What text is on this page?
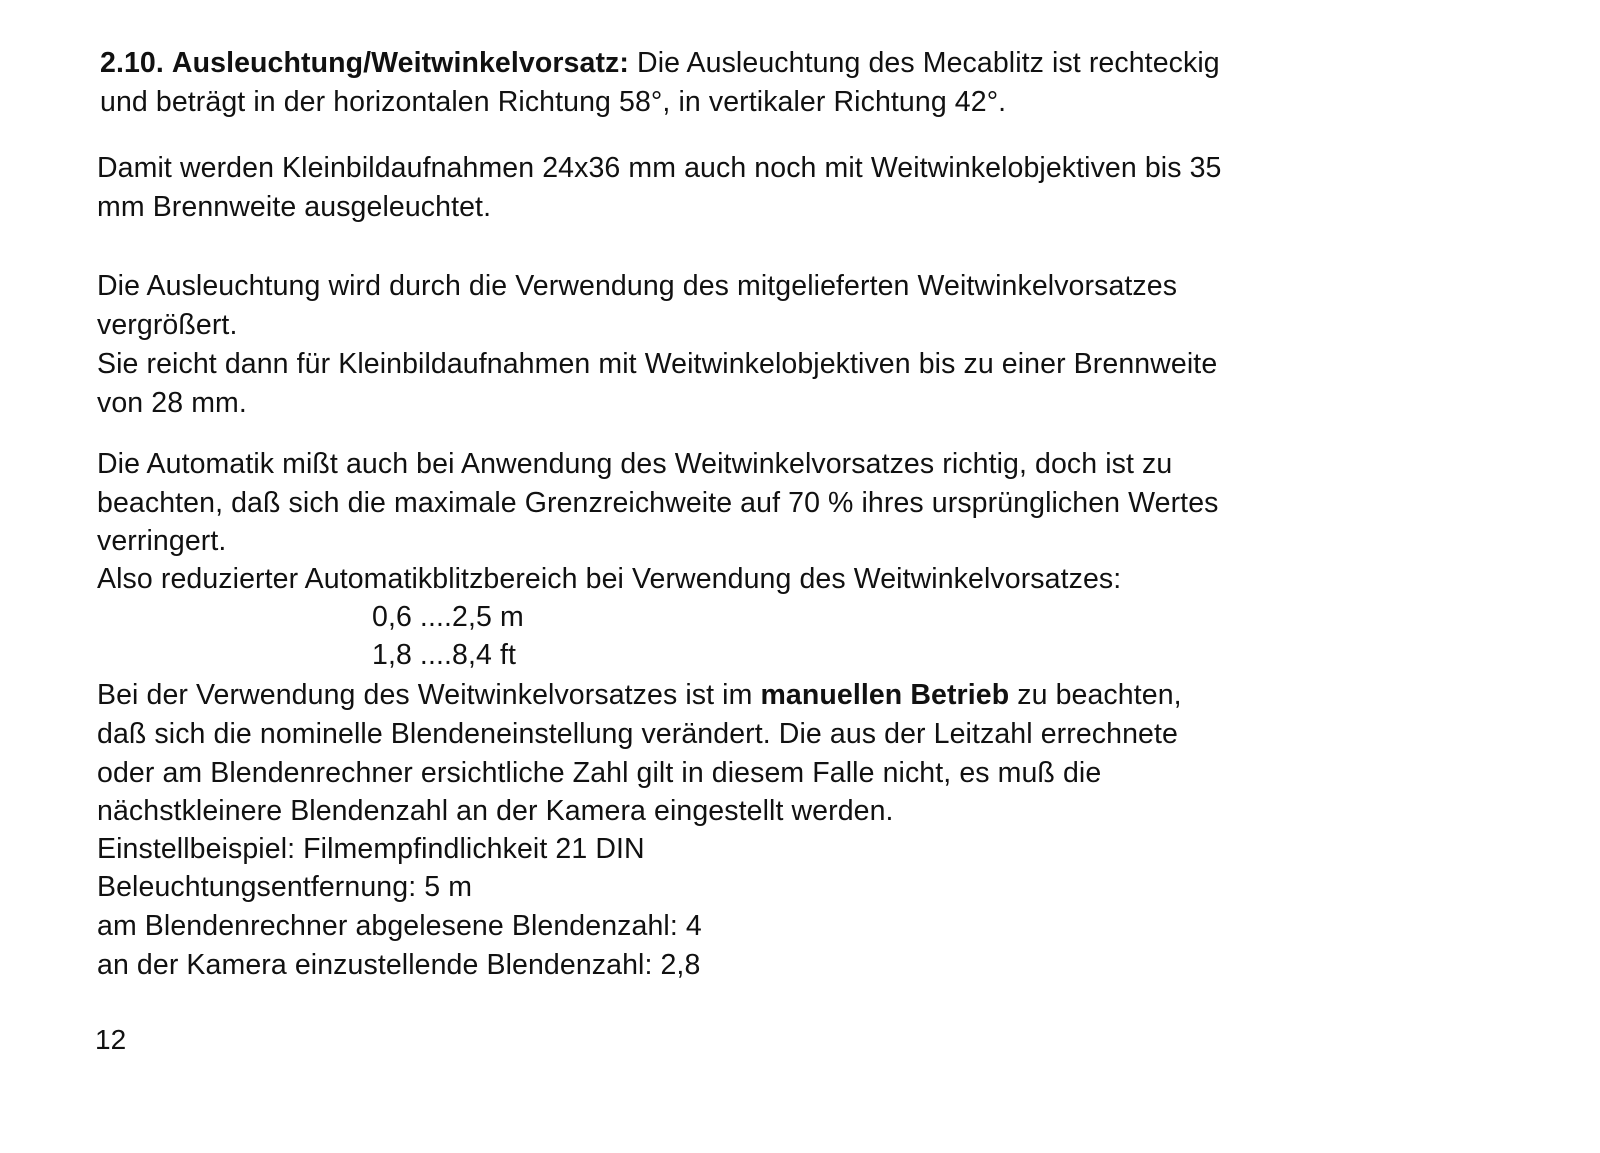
2.10. Ausleuchtung/Weitwinkelvorsatz: Die Ausleuchtung des Mecablitz ist rechteckig
und beträgt in der horizontalen Richtung 58°, in vertikaler Richtung 42°.
Damit werden Kleinbildaufnahmen 24x36 mm auch noch mit Weitwinkelobjektiven bis 35
mm Brennweite ausgeleuchtet.
Die Ausleuchtung wird durch die Verwendung des mitgelieferten Weitwinkelvorsatzes
vergrößert.
Sie reicht dann für Kleinbildaufnahmen mit Weitwinkelobjektiven bis zu einer Brennweite
von 28 mm.
Die Automatik mißt auch bei Anwendung des Weitwinkelvorsatzes richtig, doch ist zu
beachten, daß sich die maximale Grenzreichweite auf 70 % ihres ursprünglichen Wertes
verringert.
Also reduzierter Automatikblitzbereich bei Verwendung des Weitwinkelvorsatzes:
0,6 ....2,5 m
1,8 ....8,4 ft
Bei der Verwendung des Weitwinkelvorsatzes ist im manuellen Betrieb zu beachten,
daß sich die nominelle Blendeneinstellung verändert. Die aus der Leitzahl errechnete
oder am Blendenrechner ersichtliche Zahl gilt in diesem Falle nicht, es muß die
nächstkleinere Blendenzahl an der Kamera eingestellt werden.
Einstellbeispiel: Filmempfindlichkeit 21 DIN
Beleuchtungsentfernung: 5 m
am Blendenrechner abgelesene Blendenzahl: 4
an der Kamera einzustellende Blendenzahl: 2,8
12
